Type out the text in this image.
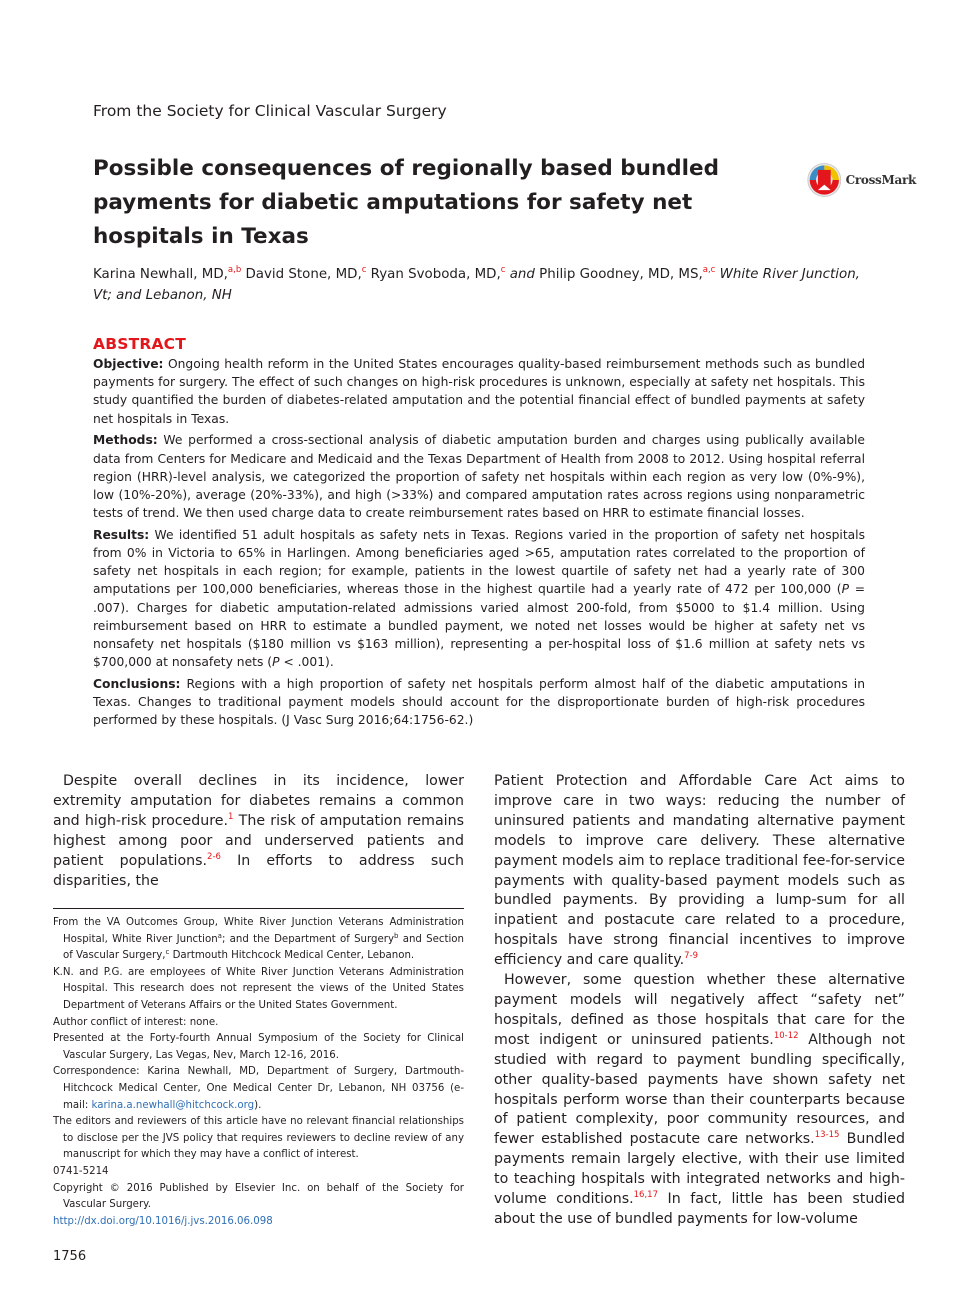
From the Society for Clinical Vascular Surgery
Possible consequences of regionally based bundled payments for diabetic amputations for safety net hospitals in Texas
CrossMark
Karina Newhall, MD,$^{a,b}$ David Stone, MD,$^c$ Ryan Svoboda, MD,$^c$ and Philip Goodney, MD, MS,$^{a,c}$ White River Junction, Vt; and Lebanon, NH
ABSTRACT

Objective: Ongoing health reform in the United States encourages quality-based reimbursement methods such as bundled payments for surgery. The effect of such changes on high-risk procedures is unknown, especially at safety net hospitals. This study quantified the burden of diabetes-related amputation and the potential financial effect of bundled payments at safety net hospitals in Texas.

Methods: We performed a cross-sectional analysis of diabetic amputation burden and charges using publically available data from Centers for Medicare and Medicaid and the Texas Department of Health from 2008 to 2012. Using hospital referral region (HRR)-level analysis, we categorized the proportion of safety net hospitals within each region as very low (0%-9%), low (10%-20%), average (20%-33%), and high (>33%) and compared amputation rates across regions using nonparametric tests of trend. We then used charge data to create reimbursement rates based on HRR to estimate financial losses.

Results: We identified 51 adult hospitals as safety nets in Texas. Regions varied in the proportion of safety net hospitals from 0% in Victoria to 65% in Harlingen. Among beneficiaries aged >65, amputation rates correlated to the proportion of safety net hospitals in each region; for example, patients in the lowest quartile of safety net had a yearly rate of 300 amputations per 100,000 beneficiaries, whereas those in the highest quartile had a yearly rate of 472 per 100,000 (P = .007). Charges for diabetic amputation-related admissions varied almost 200-fold, from $5000 to $1.4 million. Using reimbursement based on HRR to estimate a bundled payment, we noted net losses would be higher at safety net vs nonsafety net hospitals ($180 million vs $163 million), representing a per-hospital loss of $1.6 million at safety nets vs $700,000 at nonsafety nets (P < .001).

Conclusions: Regions with a high proportion of safety net hospitals perform almost half of the diabetic amputations in Texas. Changes to traditional payment models should account for the disproportionate burden of high-risk procedures performed by these hospitals. (J Vasc Surg 2016;64:1756-62.)

Despite overall declines in its incidence, lower extremity amputation for diabetes remains a common and high-risk procedure.$^1$ The risk of amputation remains highest among poor and underserved patients and patient populations.$^{2-6}$ In efforts to address such disparities, the

From the VA Outcomes Group, White River Junction Veterans Administration Hospital, White River Junction$^a$; and the Department of Surgery$^b$ and Section of Vascular Surgery,$^c$ Dartmouth Hitchcock Medical Center, Lebanon.

K.N. and P.G. are employees of White River Junction Veterans Administration Hospital. This research does not represent the views of the United States Department of Veterans Affairs or the United States Government.

Author conflict of interest: none.

Presented at the Forty-fourth Annual Symposium of the Society for Clinical Vascular Surgery, Las Vegas, Nev, March 12-16, 2016.

Correspondence: Karina Newhall, MD, Department of Surgery, Dartmouth-Hitchcock Medical Center, One Medical Center Dr, Lebanon, NH 03756 (e-mail: karina.a.newhall@hitchcock.org).

The editors and reviewers of this article have no relevant financial relationships to disclose per the JVS policy that requires reviewers to decline review of any manuscript for which they may have a conflict of interest.

0741-5214

Copyright © 2016 Published by Elsevier Inc. on behalf of the Society for Vascular Surgery.

http://dx.doi.org/10.1016/j.jvs.2016.06.098

Patient Protection and Affordable Care Act aims to improve care in two ways: reducing the number of uninsured patients and mandating alternative payment models to improve care delivery. These alternative payment models aim to replace traditional fee-for-service payments with quality-based payment models such as bundled payments. By providing a lump-sum for all inpatient and postacute care related to a procedure, hospitals have strong financial incentives to improve efficiency and care quality.$^{7-9}$

However, some question whether these alternative payment models will negatively affect “safety net” hospitals, defined as those hospitals that care for the most indigent or uninsured patients.$^{10-12}$ Although not studied with regard to payment bundling specifically, other quality-based payments have shown safety net hospitals perform worse than their counterparts because of patient complexity, poor community resources, and fewer established postacute care networks.$^{13-15}$ Bundled payments remain largely elective, with their use limited to teaching hospitals with integrated networks and high-volume conditions.$^{16,17}$ In fact, little has been studied about the use of bundled payments for low-volume

1756
